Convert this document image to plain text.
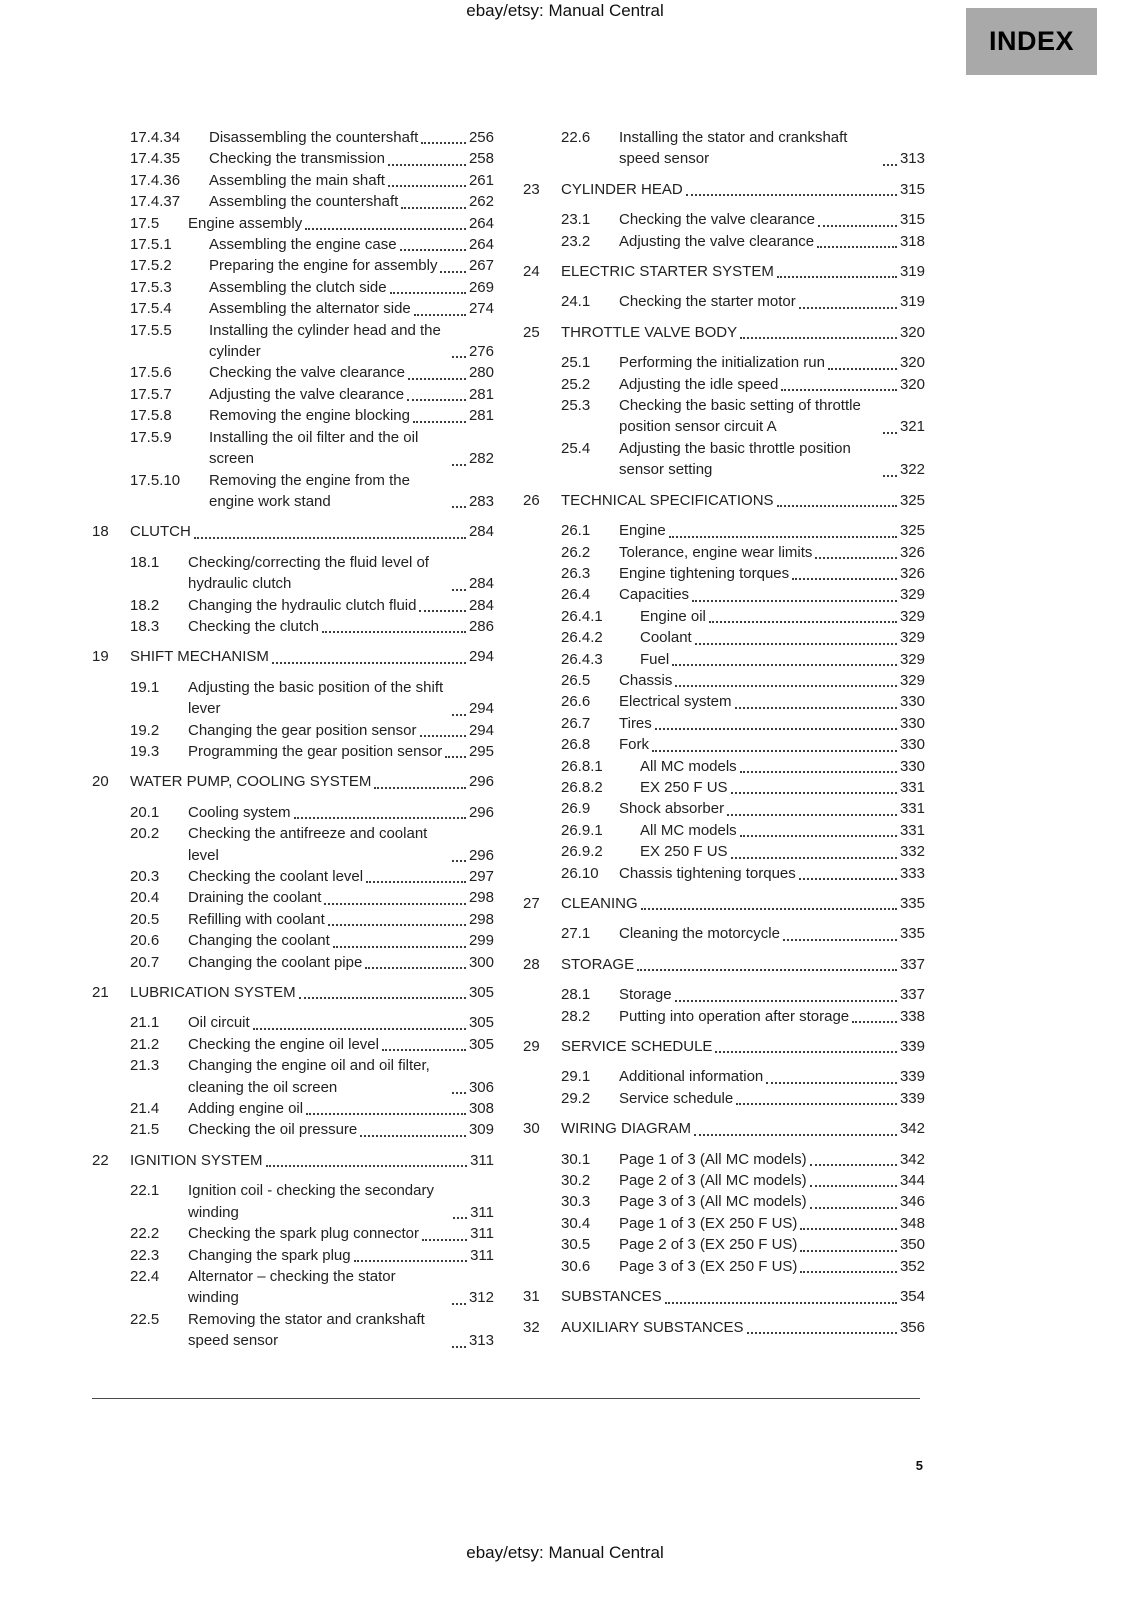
ebay/etsy: Manual Central
INDEX
17.4.34	Disassembling the countershaft	256
17.4.35	Checking the transmission	258
17.4.36	Assembling the main shaft	261
17.4.37	Assembling the countershaft	262
17.5	Engine assembly	264
17.5.1	Assembling the engine case	264
17.5.2	Preparing the engine for assembly 267
17.5.3	Assembling the clutch side	269
17.5.4	Assembling the alternator side	274
17.5.5	Installing the cylinder head and the cylinder	276
17.5.6	Checking the valve clearance	280
17.5.7	Adjusting the valve clearance	281
17.5.8	Removing the engine blocking	281
17.5.9	Installing the oil filter and the oil screen	282
17.5.10	Removing the engine from the engine work stand	283
18	CLUTCH	284
18.1	Checking/correcting the fluid level of hydraulic clutch	284
18.2	Changing the hydraulic clutch fluid	284
18.3	Checking the clutch	286
19	SHIFT MECHANISM	294
19.1	Adjusting the basic position of the shift lever	294
19.2	Changing the gear position sensor	294
19.3	Programming the gear position sensor 295
20	WATER PUMP, COOLING SYSTEM	296
20.1	Cooling system	296
20.2	Checking the antifreeze and coolant level	296
20.3	Checking the coolant level	297
20.4	Draining the coolant	298
20.5	Refilling with coolant	298
20.6	Changing the coolant	299
20.7	Changing the coolant pipe	300
21	LUBRICATION SYSTEM	305
21.1	Oil circuit	305
21.2	Checking the engine oil level	305
21.3	Changing the engine oil and oil filter, cleaning the oil screen	306
21.4	Adding engine oil	308
21.5	Checking the oil pressure	309
22	IGNITION SYSTEM	311
22.1	Ignition coil - checking the secondary winding	311
22.2	Checking the spark plug connector	311
22.3	Changing the spark plug	311
22.4	Alternator – checking the stator winding	312
22.5	Removing the stator and crankshaft speed sensor	313
22.6	Installing the stator and crankshaft speed sensor	313
23	CYLINDER HEAD	315
23.1	Checking the valve clearance	315
23.2	Adjusting the valve clearance	318
24	ELECTRIC STARTER SYSTEM	319
24.1	Checking the starter motor	319
25	THROTTLE VALVE BODY	320
25.1	Performing the initialization run	320
25.2	Adjusting the idle speed	320
25.3	Checking the basic setting of throttle position sensor circuit A	321
25.4	Adjusting the basic throttle position sensor setting	322
26	TECHNICAL SPECIFICATIONS	325
26.1	Engine	325
26.2	Tolerance, engine wear limits	326
26.3	Engine tightening torques	326
26.4	Capacities	329
26.4.1	Engine oil	329
26.4.2	Coolant	329
26.4.3	Fuel	329
26.5	Chassis	329
26.6	Electrical system	330
26.7	Tires	330
26.8	Fork	330
26.8.1	All MC models	330
26.8.2	EX 250 F US	331
26.9	Shock absorber	331
26.9.1	All MC models	331
26.9.2	EX 250 F US	332
26.10	Chassis tightening torques	333
27	CLEANING	335
27.1	Cleaning the motorcycle	335
28	STORAGE	337
28.1	Storage	337
28.2	Putting into operation after storage	338
29	SERVICE SCHEDULE	339
29.1	Additional information	339
29.2	Service schedule	339
30	WIRING DIAGRAM	342
30.1	Page 1 of 3 (All MC models)	342
30.2	Page 2 of 3 (All MC models)	344
30.3	Page 3 of 3 (All MC models)	346
30.4	Page 1 of 3 (EX 250 F US)	348
30.5	Page 2 of 3 (EX 250 F US)	350
30.6	Page 3 of 3 (EX 250 F US)	352
31	SUBSTANCES	354
32	AUXILIARY SUBSTANCES	356
5
ebay/etsy: Manual Central
